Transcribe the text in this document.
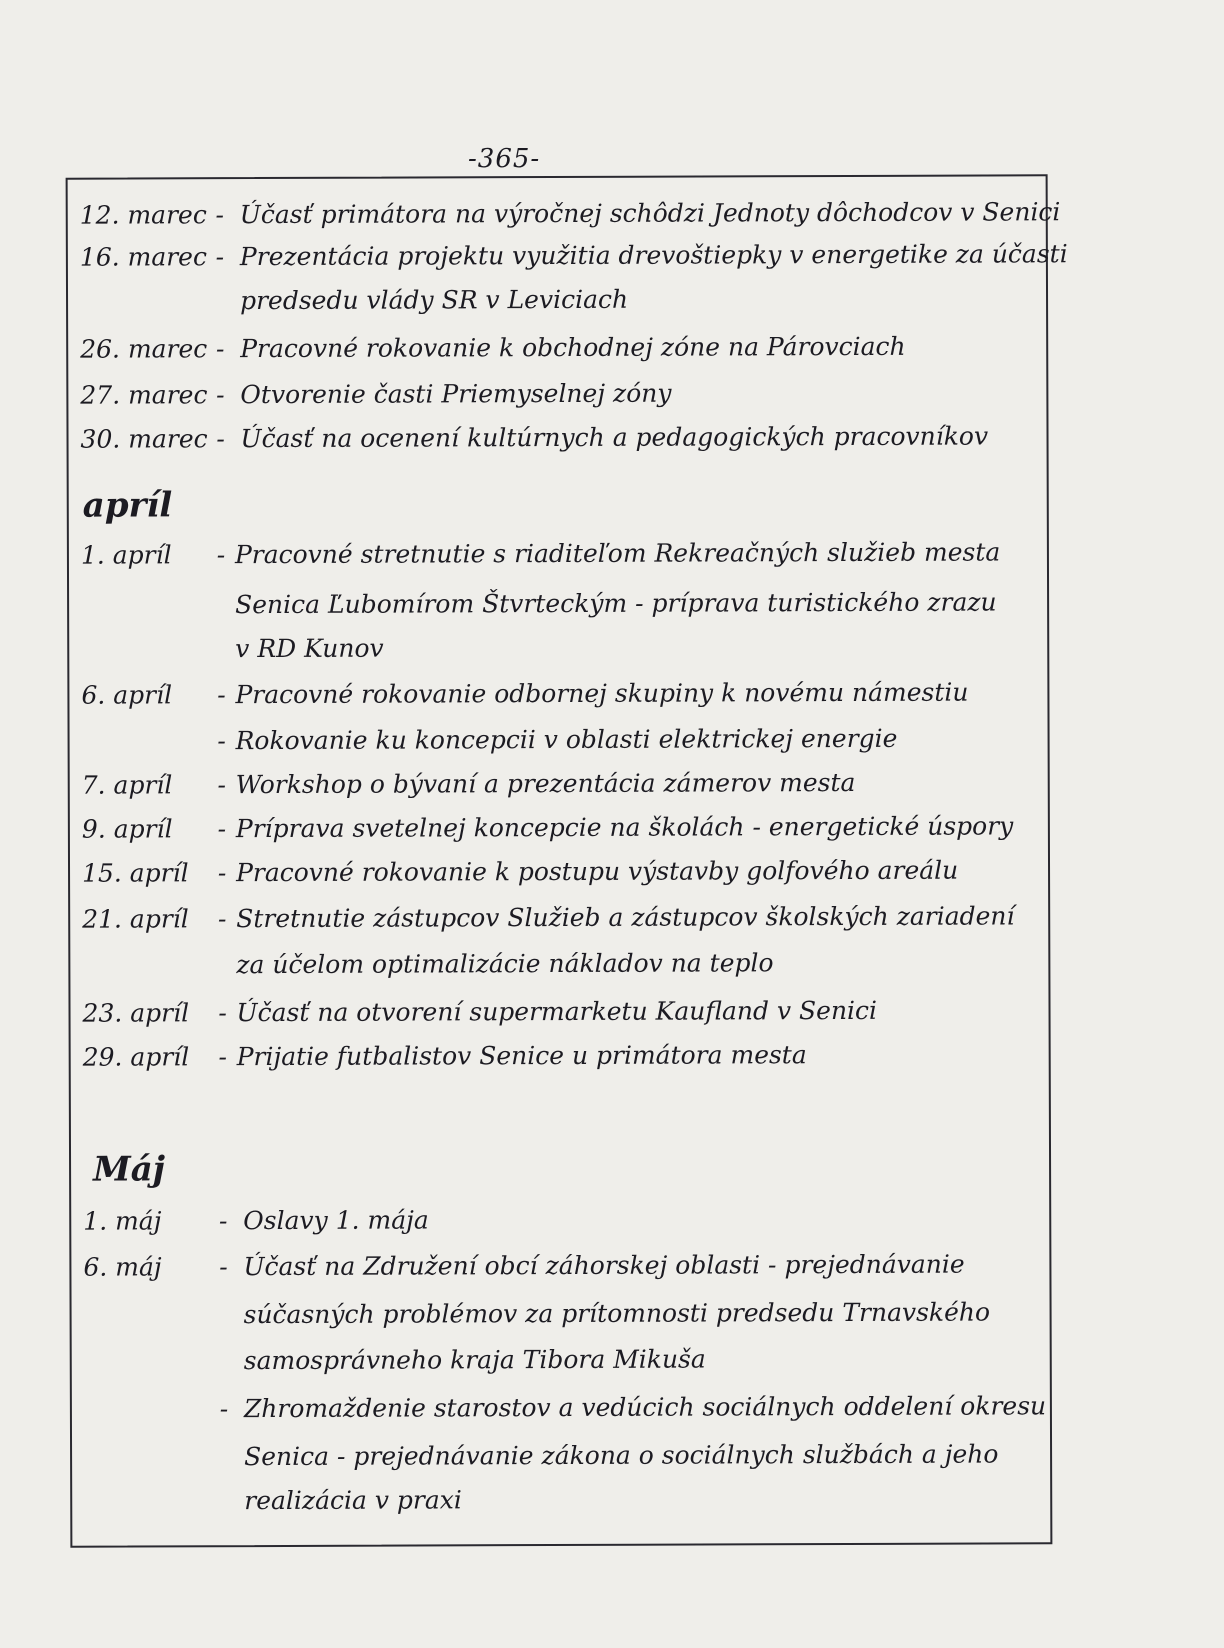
-365-
12. marec - Účasť primátora na výročnej schôdzi Jednoty dôchodcov v Senici
16. marec - Prezentácia projektu využitia drevoštiepky v energetike za účasti
predsedu vlády SR v Leviciach
26. marec - Pracovné rokovanie k obchodnej zóne na Párovciach
27. marec - Otvorenie časti Priemyselnej zóny
30. marec - Účasť na ocenení kultúrnych a pedagogických pracovníkov
apríl
1. apríl	- Pracovné stretnutie s riaditeľom Rekreačných služieb mesta
Senica Ľubomírom Štvrteckým - príprava turistického zrazu
v RD Kunov
6. apríl	- Pracovné rokovanie odbornej skupiny k novému námestiu
- Rokovanie ku koncepcii v oblasti elektrickej energie
7. apríl	- Workshop o bývaní a prezentácia zámerov mesta
9. apríl	- Príprava svetelnej koncepcie na školách - energetické úspory
15. apríl	- Pracovné rokovanie k postupu výstavby golfového areálu
21. apríl	- Stretnutie zástupcov Služieb a zástupcov školských zariadení
za účelom optimalizácie nákladov na teplo
23. apríl	- Účasť na otvorení supermarketu Kaufland v Senici
29. apríl	- Prijatie futbalistov Senice u primátora mesta
Máj
1. máj	- Oslavy 1. mája
6. máj	- Účasť na Združení obcí záhorskej oblasti - prejednávanie
súčasných problémov za prítomnosti predsedu Trnavského
samosprávneho kraja Tibora Mikuša
- Zhromaždenie starostov a vedúcich sociálnych oddelení okresu
Senica - prejednávanie zákona o sociálnych službách a jeho
realizácia v praxi
